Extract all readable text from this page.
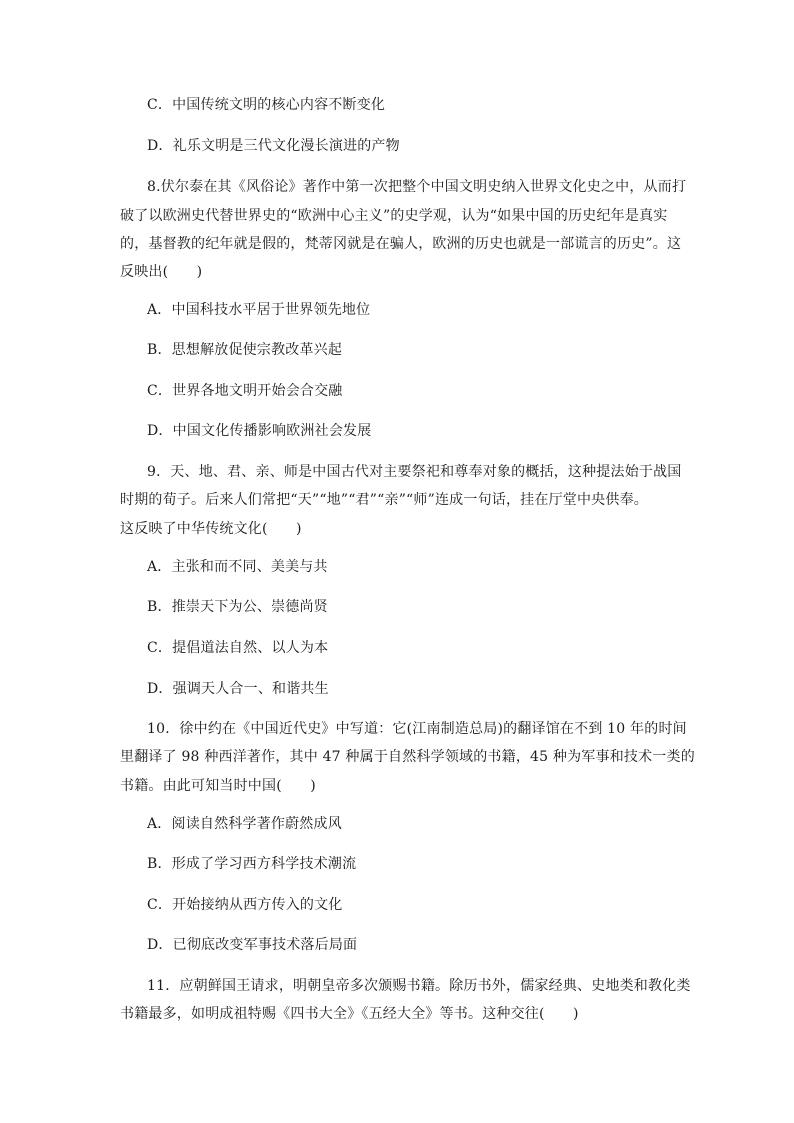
C．中国传统文明的核心内容不断变化

D．礼乐文明是三代文化漫长演进的产物

8.伏尔泰在其《风俗论》著作中第一次把整个中国文明史纳入世界文化史之中，从而打

破了以欧洲史代替世界史的“欧洲中心主义”的史学观，认为“如果中国的历史纪年是真实

的，基督教的纪年就是假的，梵蒂冈就是在骗人，欧洲的历史也就是一部谎言的历史”。这

反映出(　　)

A．中国科技水平居于世界领先地位

B．思想解放促使宗教改革兴起

C．世界各地文明开始会合交融

D．中国文化传播影响欧洲社会发展

9．天、地、君、亲、师是中国古代对主要祭祀和尊奉对象的概括，这种提法始于战国

时期的荀子。后来人们常把“天”“地”“君”“亲”“师”连成一句话，挂在厅堂中央供奉。

这反映了中华传统文化(　　)

A．主张和而不同、美美与共

B．推崇天下为公、崇德尚贤

C．提倡道法自然、以人为本

D．强调天人合一、和谐共生

10．徐中约在《中国近代史》中写道：它(江南制造总局)的翻译馆在不到 10 年的时间

里翻译了 98 种西洋著作，其中 47 种属于自然科学领域的书籍，45 种为军事和技术一类的

书籍。由此可知当时中国(　　)

A．阅读自然科学著作蔚然成风

B．形成了学习西方科学技术潮流

C．开始接纳从西方传入的文化

D．已彻底改变军事技术落后局面

11．应朝鲜国王请求，明朝皇帝多次颁赐书籍。除历书外，儒家经典、史地类和教化类

书籍最多，如明成祖特赐《四书大全》《五经大全》等书。这种交往(　　)
